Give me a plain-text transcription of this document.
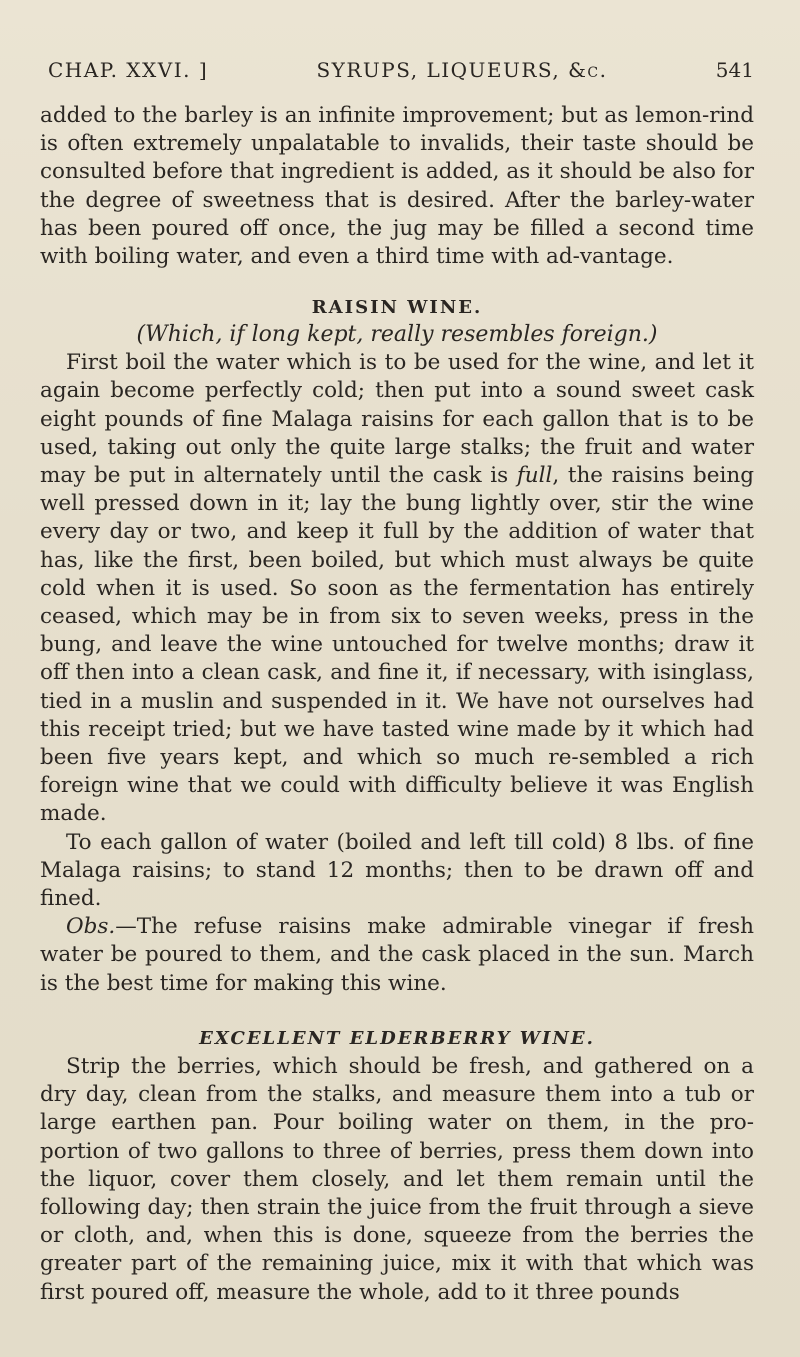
CHAP. XXVI. ]	SYRUPS, LIQUEURS, &c.	541

added to the barley is an infinite improvement; but as lemon-rind is often extremely unpalatable to invalids, their taste should be consulted before that ingredient is added, as it should be also for the degree of sweetness that is desired. After the barley-water has been poured off once, the jug may be filled a second time with boiling water, and even a third time with ad-vantage.

RAISIN WINE.
(Which, if long kept, really resembles foreign.)

First boil the water which is to be used for the wine, and let it again become perfectly cold; then put into a sound sweet cask eight pounds of fine Malaga raisins for each gallon that is to be used, taking out only the quite large stalks; the fruit and water may be put in alternately until the cask is full, the raisins being well pressed down in it; lay the bung lightly over, stir the wine every day or two, and keep it full by the addition of water that has, like the first, been boiled, but which must always be quite cold when it is used. So soon as the fermentation has entirely ceased, which may be in from six to seven weeks, press in the bung, and leave the wine untouched for twelve months; draw it off then into a clean cask, and fine it, if necessary, with isinglass, tied in a muslin and suspended in it. We have not ourselves had this receipt tried; but we have tasted wine made by it which had been five years kept, and which so much re-sembled a rich foreign wine that we could with difficulty believe it was English made.

To each gallon of water (boiled and left till cold) 8 lbs. of fine Malaga raisins; to stand 12 months; then to be drawn off and fined.

Obs.—The refuse raisins make admirable vinegar if fresh water be poured to them, and the cask placed in the sun. March is the best time for making this wine.

EXCELLENT ELDERBERRY WINE.

Strip the berries, which should be fresh, and gathered on a dry day, clean from the stalks, and measure them into a tub or large earthen pan. Pour boiling water on them, in the pro-portion of two gallons to three of berries, press them down into the liquor, cover them closely, and let them remain until the following day; then strain the juice from the fruit through a sieve or cloth, and, when this is done, squeeze from the berries the greater part of the remaining juice, mix it with that which was first poured off, measure the whole, add to it three pounds
